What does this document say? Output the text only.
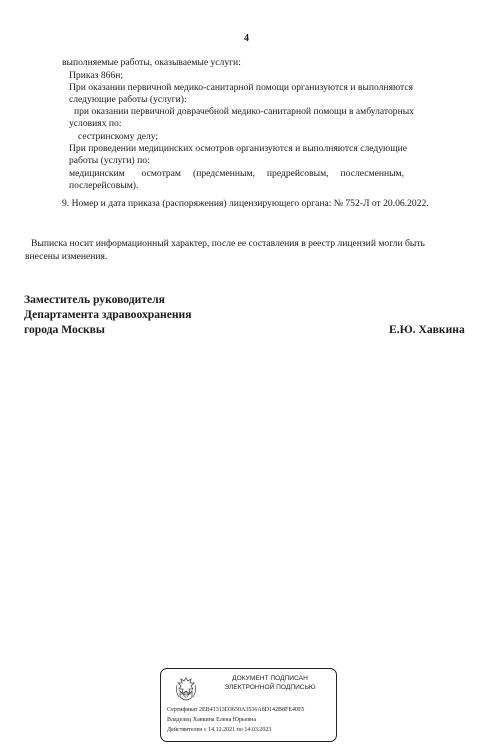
4
выполняемые работы, оказываемые услуги:
Приказ 866н;
При оказании первичной медико-санитарной помощи организуются и выполняются
следующие работы (услуги):
при оказании первичной доврачебной медико-санитарной помощи в амбулаторных
условиях по:
сестринскому делу;
При проведении медицинских осмотров организуются и выполняются следующие
работы (услуги) по:
медицинским       осмотрам     (предсменным,     предрейсовым,     послесменным,
послерейсовым).
9. Номер и дата приказа (распоряжения) лицензирующего органа: № 752-Л от 20.06.2022.
Выписка носит информационный характер, после ее составления в реестр лицензий могли быть
внесены изменения.
Заместитель руководителя
Департамента здравоохранения
города Москвы	Е.Ю. Хавкина
ДОКУМЕНТ ПОДПИСАН
ЭЛЕКТРОННОЙ ПОДПИСЬЮ
Сертификат 2EB41313D3650A3536A8D142B8FE40F5
Владелец Хавкина Елена Юрьевна
Действителен с 14.12.2021 по 14.03.2023
